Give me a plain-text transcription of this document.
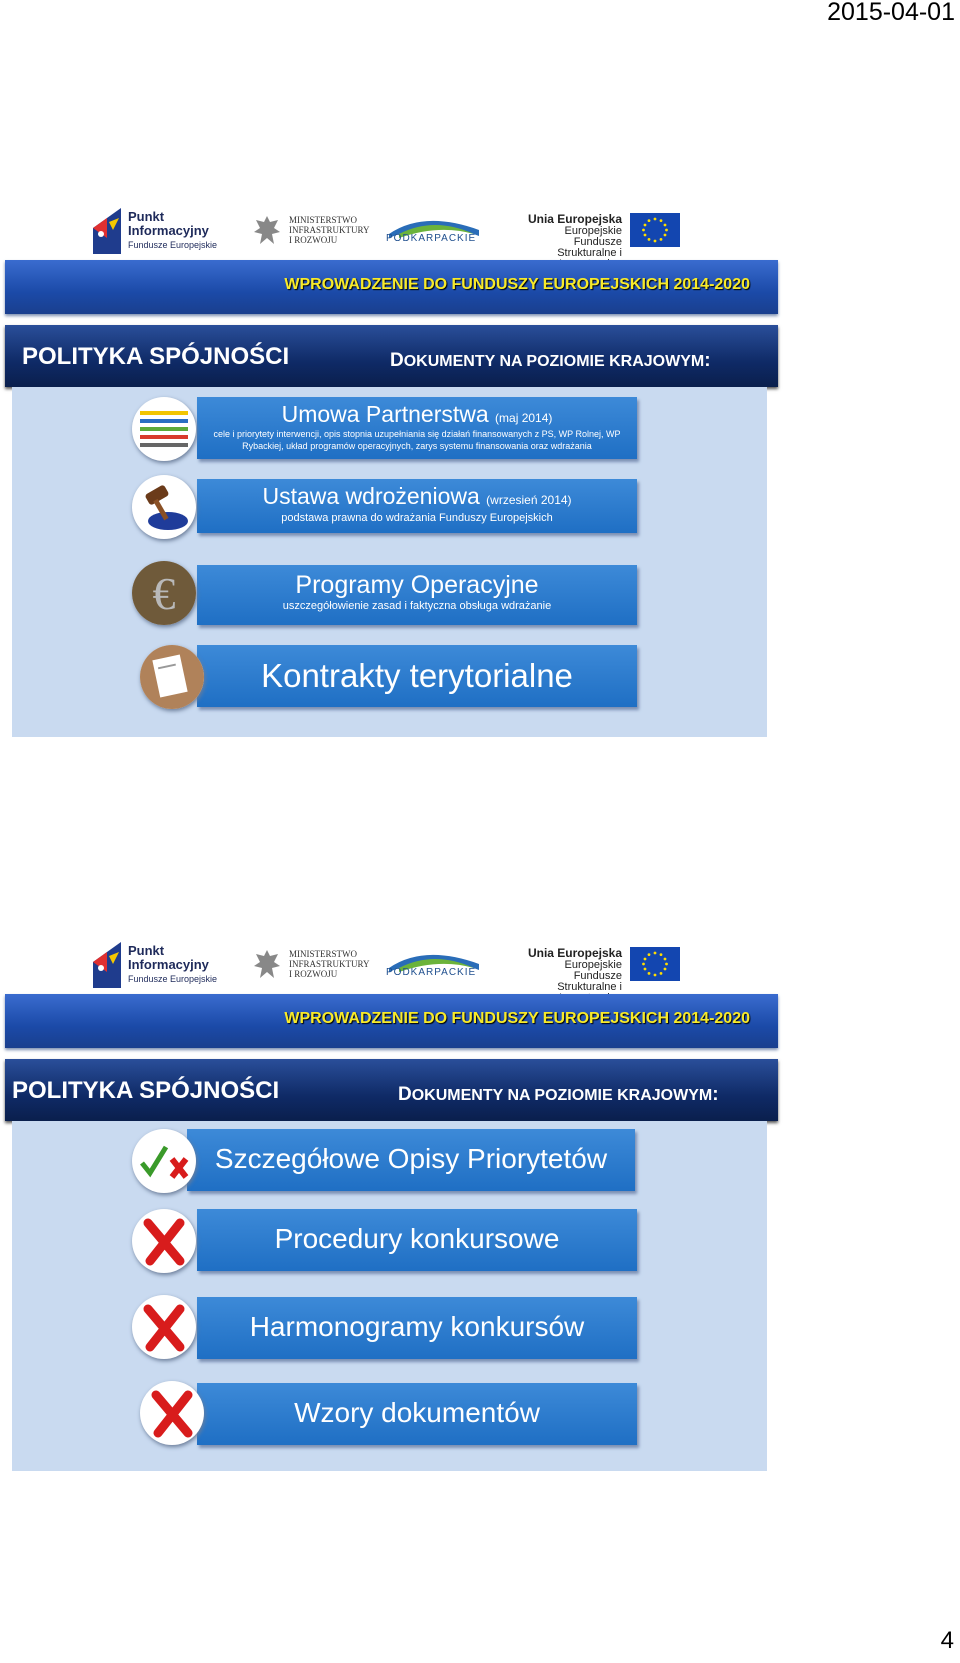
2015-04-01
Punkt
Informacyjny
Fundusze Europejskie
MINISTERSTWO
INFRASTRUKTURY
I ROZWOJU	PODKARPACKIE
Unia Europejska
Europejskie Fundusze
Strukturalne i
WPROWADZENIE DO FUNDUSZY EUROPEJSKICH 2014-2020
POLITYKA SPÓJNOŚCI	DOKUMENTY NA POZIOMIE KRAJOWYM:
Umowa Partnerstwa (maj 2014)
cele i priorytety interwencji, opis stopnia uzupełniania się działań finansowanych z PS, WP Rolnej, WP Rybackiej, układ programów operacyjnych, zarys systemu finansowania oraz wdrażania
Ustawa wdrożeniowa (wrzesień 2014)
podstawa prawna do wdrażania Funduszy Europejskich
Programy Operacyjne
uszczegółowienie zasad i faktyczna obsługa wdrażanie
€
Kontrakty terytorialne
Punkt
Informacyjny
Fundusze Europejskie
MINISTERSTWO
INFRASTRUKTURY
I ROZWOJU	PODKARPACKIE
Unia Europejska
Europejskie Fundusze
Strukturalne i
WPROWADZENIE DO FUNDUSZY EUROPEJSKICH 2014-2020
POLITYKA SPÓJNOŚCI	DOKUMENTY NA POZIOMIE KRAJOWYM:
Szczegółowe Opisy Priorytetów
Procedury konkursowe
Harmonogramy konkursów
Wzory dokumentów
4
